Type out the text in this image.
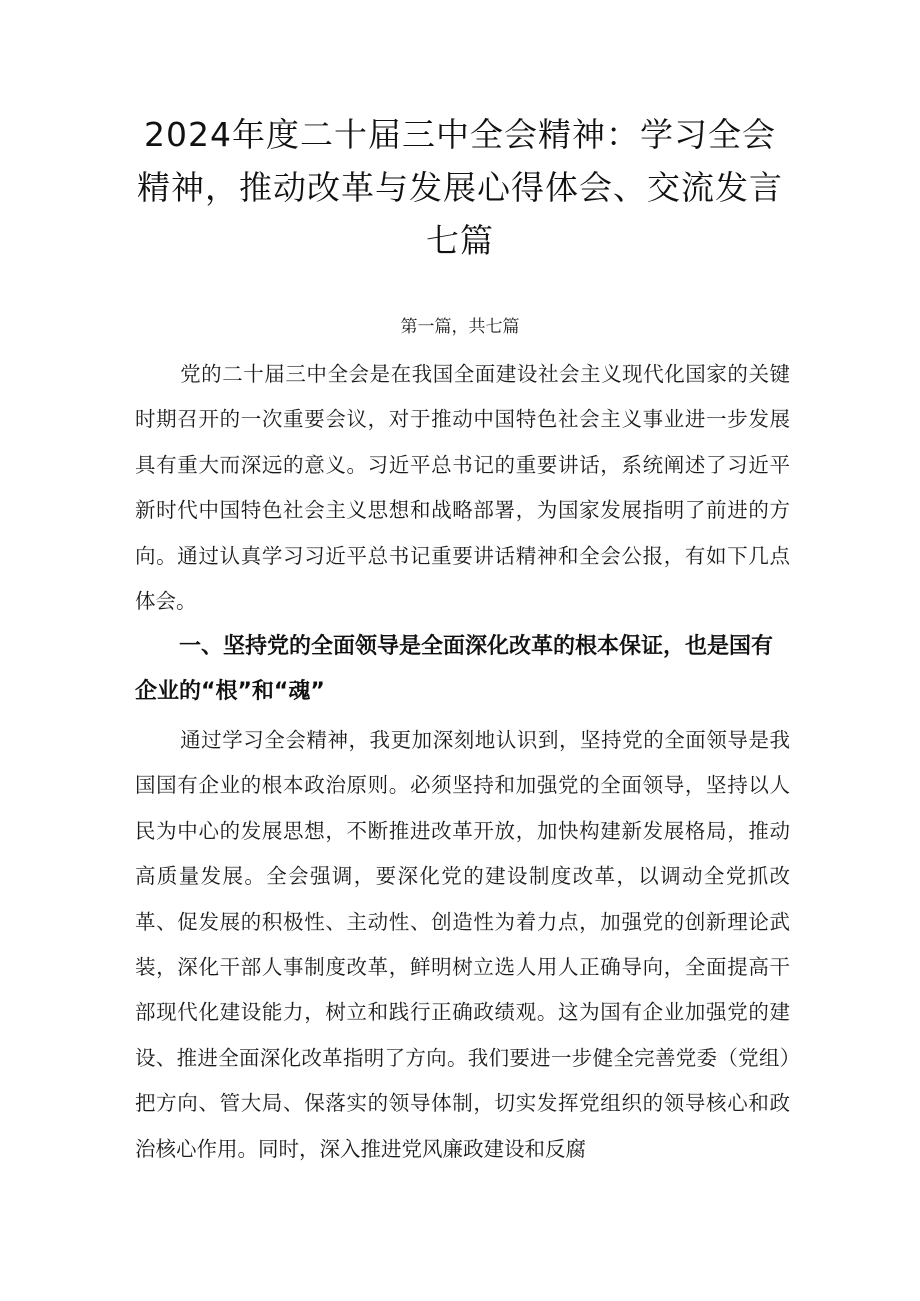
2024年度二十届三中全会精神：学习全会精神，推动改革与发展心得体会、交流发言七篇

第一篇，共七篇

党的二十届三中全会是在我国全面建设社会主义现代化国家的关键时期召开的一次重要会议，对于推动中国特色社会主义事业进一步发展具有重大而深远的意义。习近平总书记的重要讲话，系统阐述了习近平新时代中国特色社会主义思想和战略部署，为国家发展指明了前进的方向。通过认真学习习近平总书记重要讲话精神和全会公报，有如下几点体会。

一、坚持党的全面领导是全面深化改革的根本保证，也是国有企业的“根”和“魂”

通过学习全会精神，我更加深刻地认识到，坚持党的全面领导是我国国有企业的根本政治原则。必须坚持和加强党的全面领导，坚持以人民为中心的发展思想，不断推进改革开放，加快构建新发展格局，推动高质量发展。全会强调，要深化党的建设制度改革，以调动全党抓改革、促发展的积极性、主动性、创造性为着力点，加强党的创新理论武装，深化干部人事制度改革，鲜明树立选人用人正确导向，全面提高干部现代化建设能力，树立和践行正确政绩观。这为国有企业加强党的建设、推进全面深化改革指明了方向。我们要进一步健全完善党委（党组）把方向、管大局、保落实的领导体制，切实发挥党组织的领导核心和政治核心作用。同时，深入推进党风廉政建设和反腐
